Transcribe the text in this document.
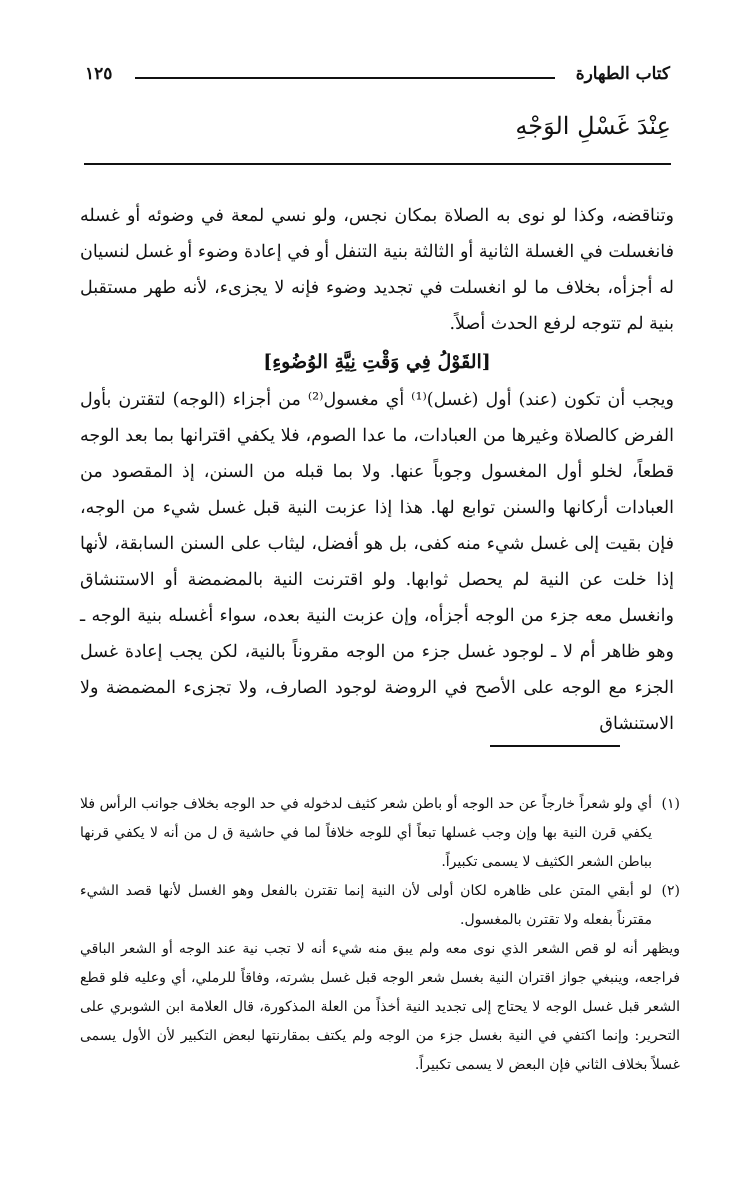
كتاب الطهارة
١٢٥
عِنْدَ غَسْلِ الوَجْهِ

وتناقضه، وكذا لو نوى به الصلاة بمكان نجس، ولو نسي لمعة في وضوئه أو غسله فانغسلت في الغسلة الثانية أو الثالثة بنية التنفل أو في إعادة وضوء أو غسل لنسيان له أجزأه، بخلاف ما لو انغسلت في تجديد وضوء فإنه لا يجزىء، لأنه طهر مستقبل بنية لم تتوجه لرفع الحدث أصلاً.

[القَوْلُ فِي وَقْتِ نِيَّةِ الوُضُوءِ]

ويجب أن تكون (عند) أول (غسل)⁽¹⁾ أي مغسول⁽²⁾ من أجزاء (الوجه) لتقترن بأول الفرض كالصلاة وغيرها من العبادات، ما عدا الصوم، فلا يكفي اقترانها بما بعد الوجه قطعاً، لخلو أول المغسول وجوباً عنها. ولا بما قبله من السنن، إذ المقصود من العبادات أركانها والسنن توابع لها. هذا إذا عزبت النية قبل غسل شيء من الوجه، فإن بقيت إلى غسل شيء منه كفى، بل هو أفضل، ليثاب على السنن السابقة، لأنها إذا خلت عن النية لم يحصل ثوابها. ولو اقترنت النية بالمضمضة أو الاستنشاق وانغسل معه جزء من الوجه أجزأه، وإن عزبت النية بعده، سواء أغسله بنية الوجه ـ وهو ظاهر أم لا ـ لوجود غسل جزء من الوجه مقروناً بالنية، لكن يجب إعادة غسل الجزء مع الوجه على الأصح في الروضة لوجود الصارف، ولا تجزىء المضمضة ولا الاستنشاق

(١)
أي ولو شعراً خارجاً عن حد الوجه أو باطن شعر كثيف لدخوله في حد الوجه بخلاف جوانب الرأس فلا يكفي قرن النية بها وإن وجب غسلها تبعاً أي للوجه خلافاً لما في حاشية ق ل من أنه لا يكفي قرنها بباطن الشعر الكثيف لا يسمى تكبيراً.
(٢)
لو أبقي المتن على ظاهره لكان أولى لأن النية إنما تقترن بالفعل وهو الغسل لأنها قصد الشيء مقترناً بفعله ولا تقترن بالمغسول.
ويظهر أنه لو قص الشعر الذي نوى معه ولم يبق منه شيء أنه لا تجب نية عند الوجه أو الشعر الباقي فراجعه، وينبغي جواز اقتران النية بغسل شعر الوجه قبل غسل بشرته، وفاقاً للرملي، أي وعليه فلو قطع الشعر قبل غسل الوجه لا يحتاج إلى تجديد النية أخذاً من العلة المذكورة، قال العلامة ابن الشوبري على التحرير: وإنما اكتفي في النية بغسل جزء من الوجه ولم يكتف بمقارنتها لبعض التكبير لأن الأول يسمى غسلاً بخلاف الثاني فإن البعض لا يسمى تكبيراً.
